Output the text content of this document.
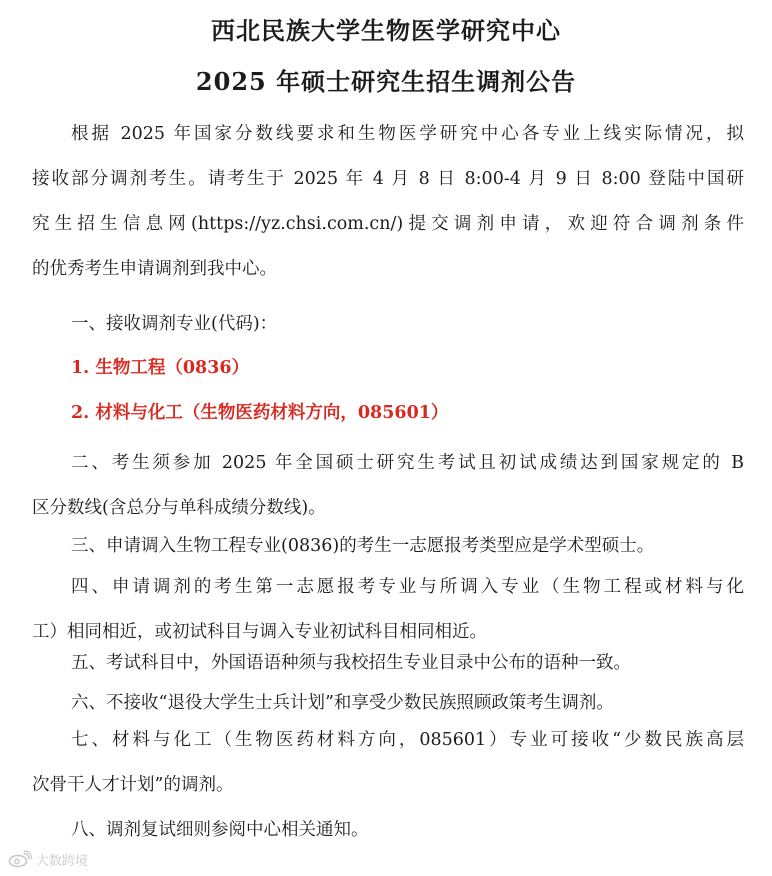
西北民族大学生物医学研究中心
2025 年硕士研究生招生调剂公告
根据 2025 年国家分数线要求和生物医学研究中心各专业上线实际情况，拟
接收部分调剂考生。请考生于 2025 年 4 月 8 日 8:00-4 月 9 日 8:00 登陆中国研
究生招生信息网(https://yz.chsi.com.cn/)提交调剂申请，欢迎符合调剂条件
的优秀考生申请调剂到我中心。
一、接收调剂专业(代码)：
1. 生物工程（0836）
2. 材料与化工（生物医药材料方向，085601）
二、考生须参加 2025 年全国硕士研究生考试且初试成绩达到国家规定的 B
区分数线(含总分与单科成绩分数线)。
三、申请调入生物工程专业(0836)的考生一志愿报考类型应是学术型硕士。
四、申请调剂的考生第一志愿报考专业与所调入专业（生物工程或材料与化
工）相同相近，或初试科目与调入专业初试科目相同相近。
五、考试科目中，外国语语种须与我校招生专业目录中公布的语种一致。
六、不接收“退役大学生士兵计划”和享受少数民族照顾政策考生调剂。
七、材料与化工（生物医药材料方向，085601）专业可接收“少数民族高层
次骨干人才计划”的调剂。
八、调剂复试细则参阅中心相关通知。
大数跨境
